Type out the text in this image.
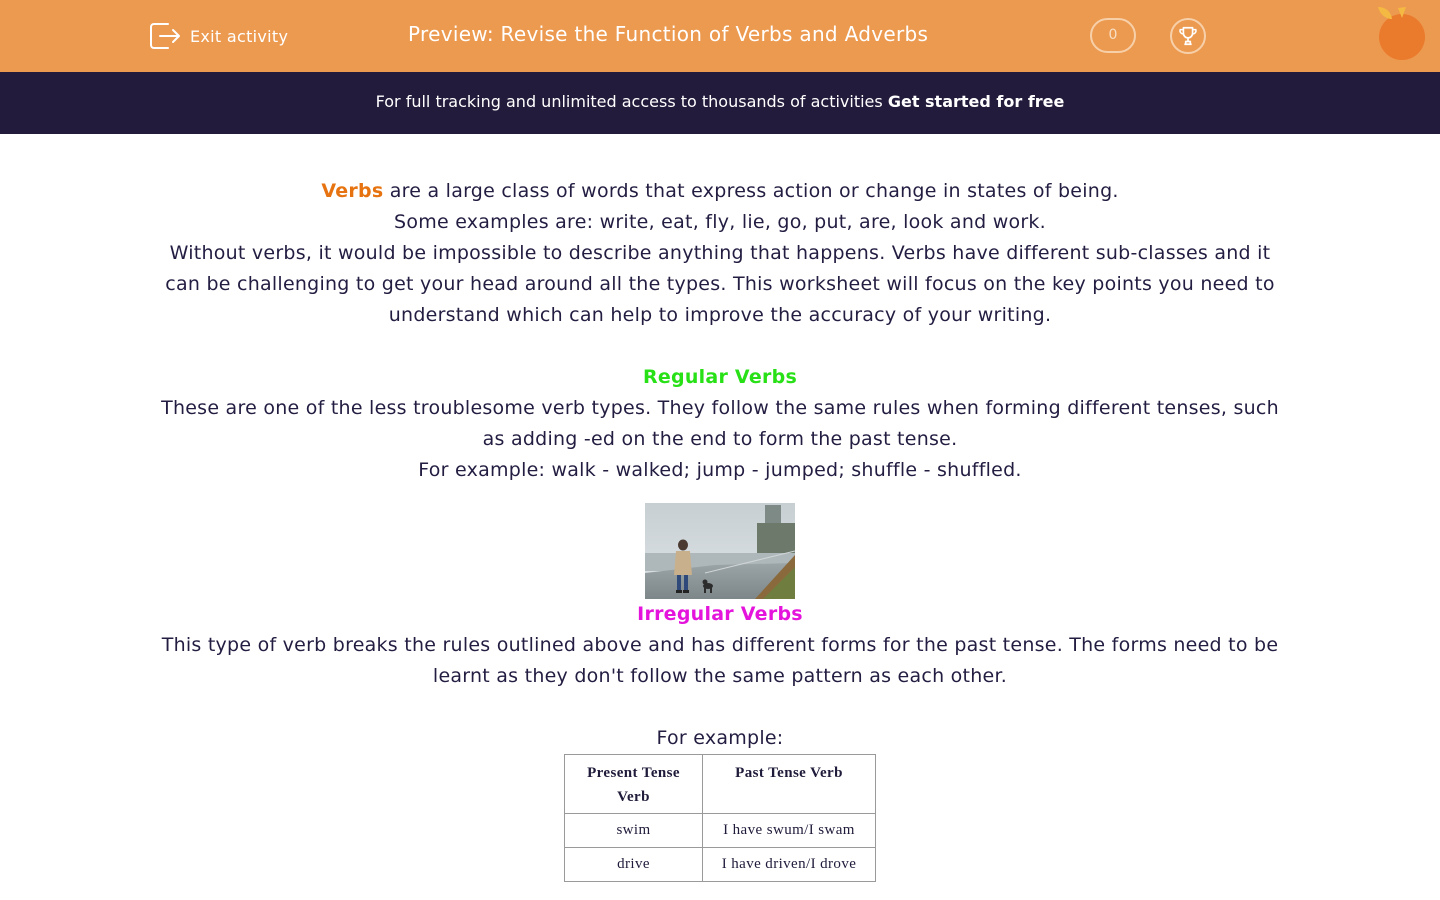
Exit activity	Preview: Revise the Function of Verbs and Adverbs	0
For full tracking and unlimited access to thousands of activities Get started for free

Verbs are a large class of words that express action or change in states of being.

Some examples are: write, eat, fly, lie, go, put, are, look and work.

Without verbs, it would be impossible to describe anything that happens. Verbs have different sub-classes and it can be challenging to get your head around all the types. This worksheet will focus on the key points you need to understand which can help to improve the accuracy of your writing.

Regular Verbs

These are one of the less troublesome verb types. They follow the same rules when forming different tenses, such as adding -ed on the end to form the past tense.

For example: walk - walked; jump - jumped; shuffle - shuffled.

Irregular Verbs

This type of verb breaks the rules outlined above and has different forms for the past tense. The forms need to be learnt as they don't follow the same pattern as each other.

For example:

Present Tense Verb	Past Tense Verb
swim	I have swum/I swam
drive	I have driven/I drove
